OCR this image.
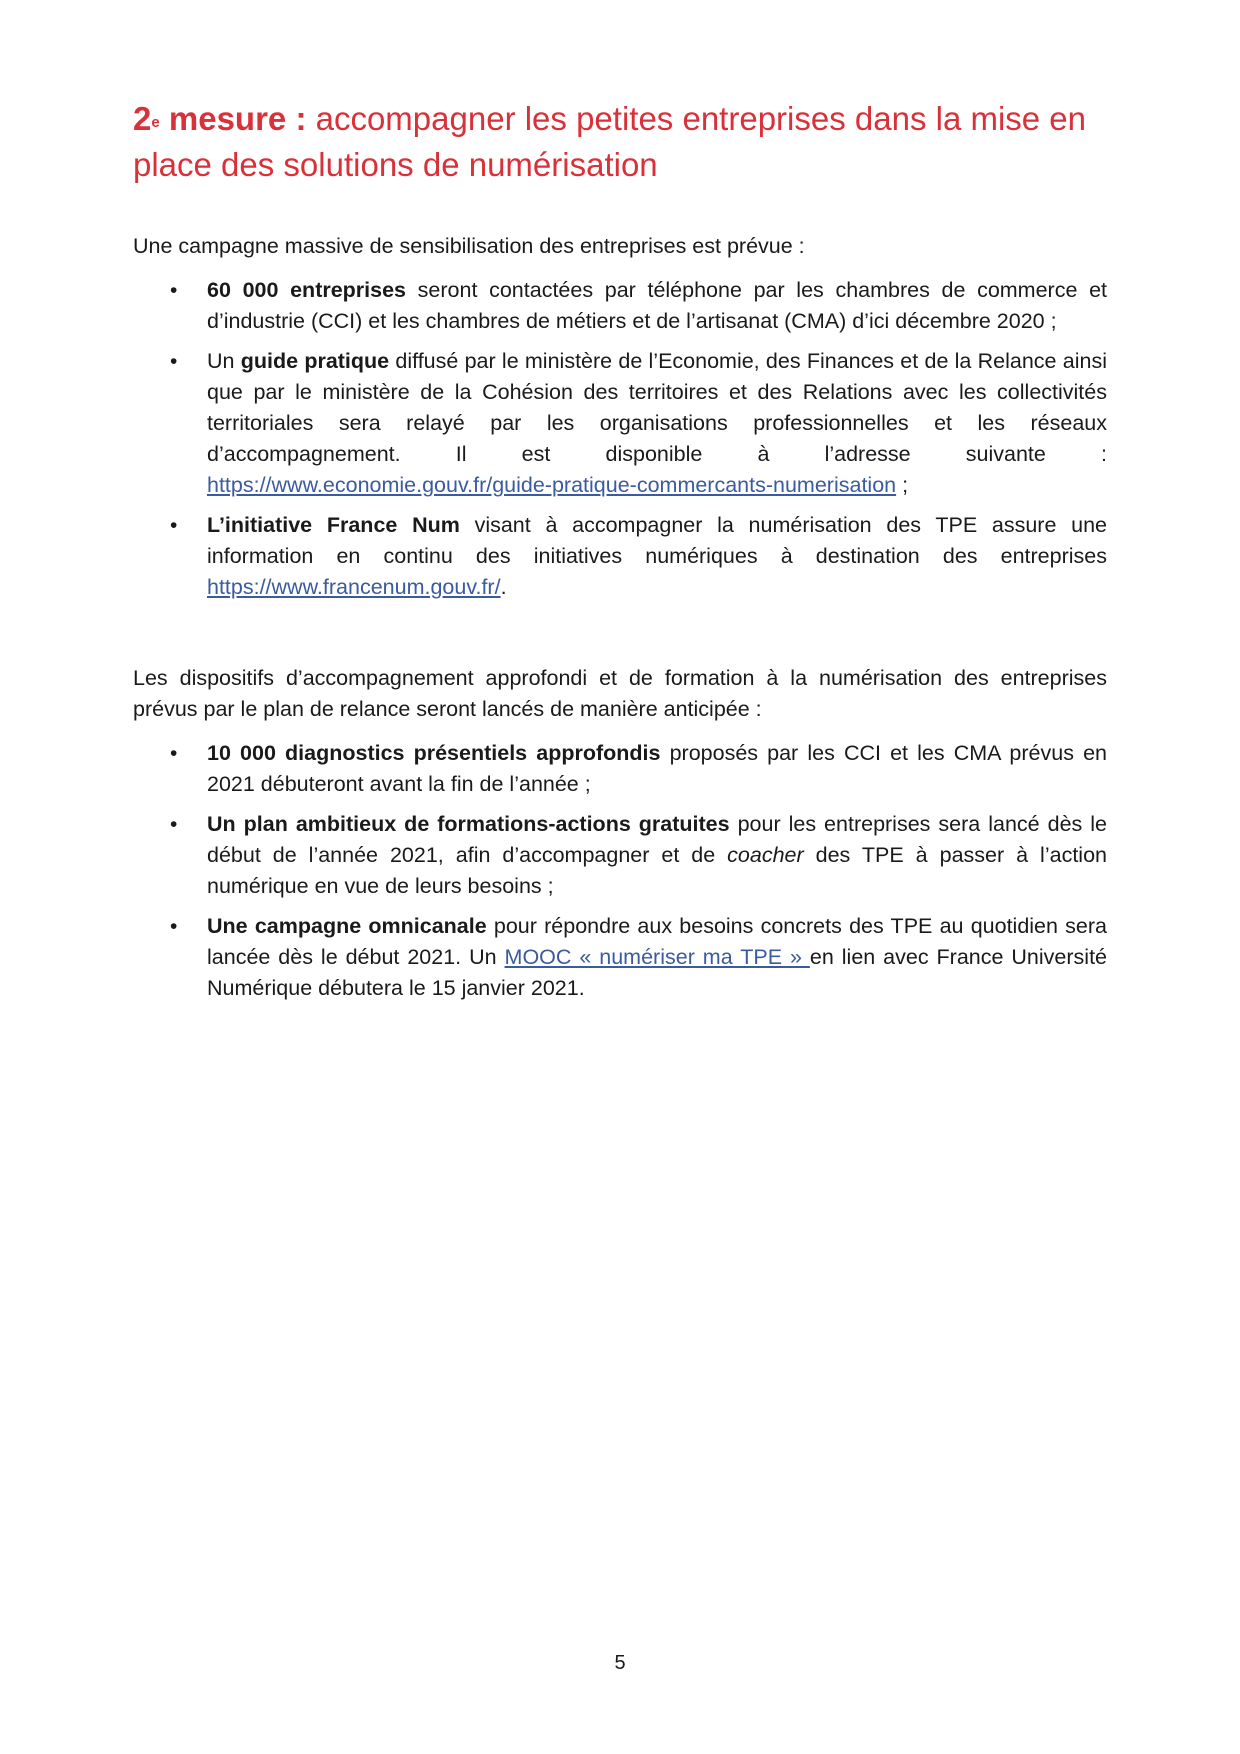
2e mesure : accompagner les petites entreprises dans la mise en place des solutions de numérisation

Une campagne massive de sensibilisation des entreprises est prévue :

• 60 000 entreprises seront contactées par téléphone par les chambres de commerce et d’industrie (CCI) et les chambres de métiers et de l’artisanat (CMA) d’ici décembre 2020 ;
• Un guide pratique diffusé par le ministère de l’Economie, des Finances et de la Relance ainsi que par le ministère de la Cohésion des territoires et des Relations avec les collectivités territoriales sera relayé par les organisations professionnelles et les réseaux d’accompagnement. Il est disponible à l’adresse suivante : https://www.economie.gouv.fr/guide-pratique-commercants-numerisation ;
• L’initiative France Num visant à accompagner la numérisation des TPE assure une information en continu des initiatives numériques à destination des entreprises https://www.francenum.gouv.fr/.

Les dispositifs d’accompagnement approfondi et de formation à la numérisation des entreprises prévus par le plan de relance seront lancés de manière anticipée :

• 10 000 diagnostics présentiels approfondis proposés par les CCI et les CMA prévus en 2021 débuteront avant la fin de l’année ;
• Un plan ambitieux de formations-actions gratuites pour les entreprises sera lancé dès le début de l’année 2021, afin d’accompagner et de coacher des TPE à passer à l’action numérique en vue de leurs besoins ;
• Une campagne omnicanale pour répondre aux besoins concrets des TPE au quotidien sera lancée dès le début 2021. Un MOOC « numériser ma TPE » en lien avec France Université Numérique débutera le 15 janvier 2021.
5
